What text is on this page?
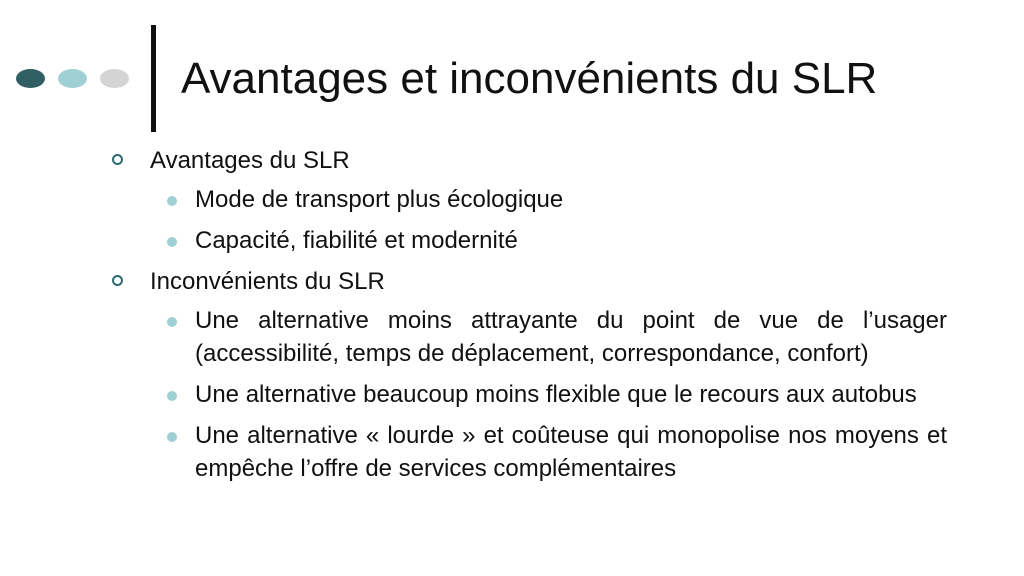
Avantages et inconvénients du SLR
Avantages du SLR
Mode de transport plus écologique
Capacité, fiabilité et modernité
Inconvénients du SLR
Une alternative moins attrayante du point de vue de l’usager (accessibilité, temps de déplacement, correspondance, confort)
Une alternative beaucoup moins flexible que le recours aux autobus
Une alternative « lourde » et coûteuse qui monopolise nos moyens et empêche l’offre de services complémentaires
